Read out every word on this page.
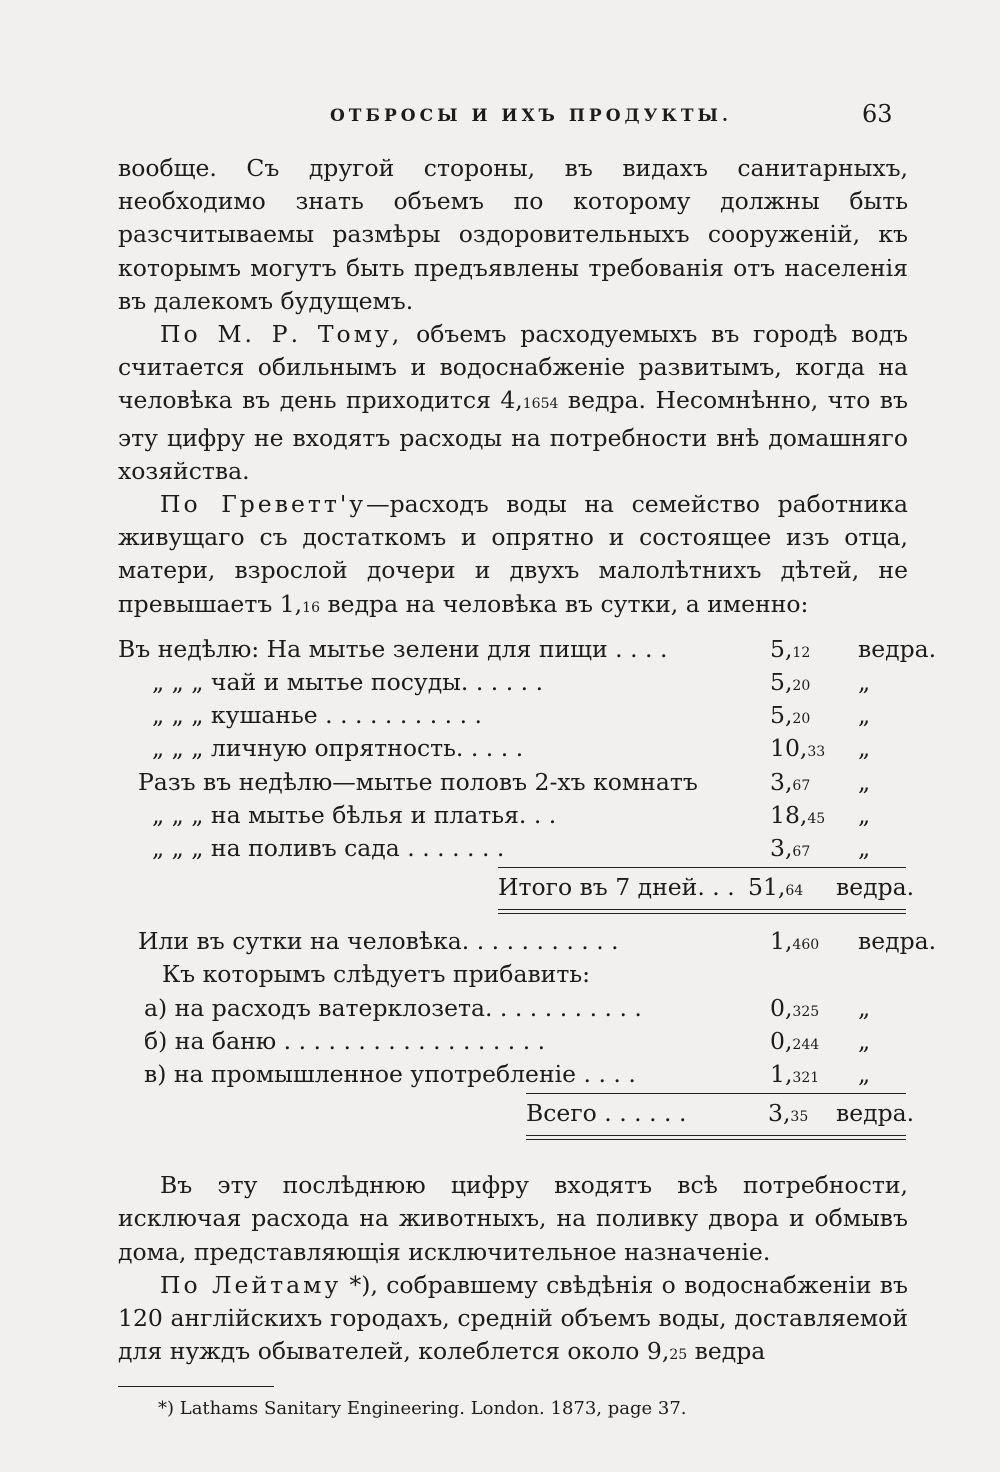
ОТБРОСЫ И ИХЪ ПРОДУКТЫ.	63

вообще. Съ другой стороны, въ видахъ санитарныхъ, необходимо знать объемъ по которому должны быть разсчитываемы размѣры оздоровительныхъ сооруженій, къ которымъ могутъ быть предъявлены требованія отъ населенія въ далекомъ будущемъ.

По М. Р. Тому, объемъ расходуемыхъ въ городѣ водъ считается обильнымъ и водоснабженіе развитымъ, когда на человѣка въ день приходится 4,1654 ведра. Несомнѣнно, что въ эту цифру не входятъ расходы на потребности внѣ домашняго хозяйства.

По Греветт'у—расходъ воды на семейство работника живущаго съ достаткомъ и опрятно и состоящее изъ отца, матери, взрослой дочери и двухъ малолѣтнихъ дѣтей, не превышаетъ 1,16 ведра на человѣка въ сутки, а именно:

Въ недѣлю: На мытье зелени для пищи . . . .	5,12 ведра.
„ „ „ чай и мытье посуды. . . . . .	5,20 „
„ „ „ кушанье . . . . . . . . . . .	5,20 „
„ „ „ личную опрятность. . . . .	10,33 „
Разъ въ недѣлю—мытье половъ 2-хъ комнатъ	3,67 „
„ „ „ на мытье бѣлья и платья. . .	18,45 „
„ „ „ на поливъ сада . . . . . . .	3,67 „
Итого въ 7 дней. . . 51,64 ведра.
Или въ сутки на человѣка. . . . . . . . . . .	1,460 ведра.
Къ которымъ слѣдуетъ прибавить:
а) на расходъ ватерклозета. . . . . . . . . . .	0,325 „
б) на баню . . . . . . . . . . . . . . . . . .	0,244 „
в) на промышленное употребленіе . . . .	1,321 „
Всего . . . . . .	3,35 ведра.

Въ эту послѣднюю цифру входятъ всѣ потребности, исключая расхода на животныхъ, на поливку двора и обмывъ дома, представляющія исключительное назначеніе.

По Лейтаму *), собравшему свѣдѣнія о водоснабженіи въ 120 англійскихъ городахъ, средній объемъ воды, доставляемой для нуждъ обывателей, колеблется около 9,25 ведра

*) Lathams Sanitary Engineering. London. 1873, page 37.
